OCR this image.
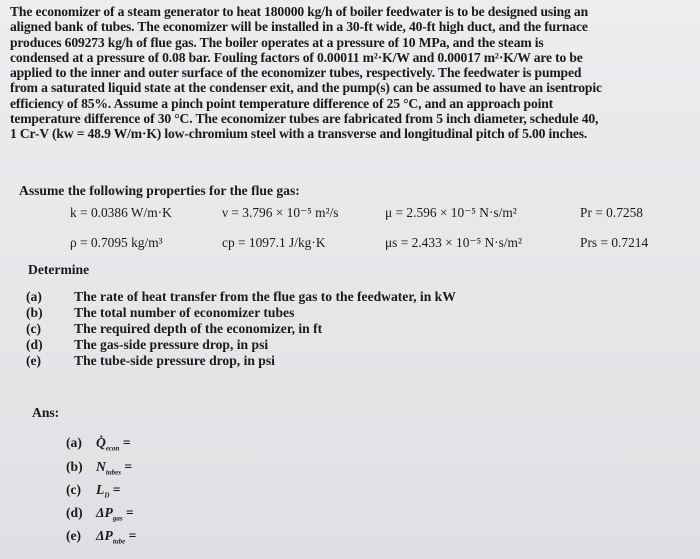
The economizer of a steam generator to heat 180000 kg/h of boiler feedwater is to be designed using an

aligned bank of tubes. The economizer will be installed in a 30-ft wide, 40-ft high duct, and the furnace

produces 609273 kg/h of flue gas. The boiler operates at a pressure of 10 MPa, and the steam is

condensed at a pressure of 0.08 bar. Fouling factors of 0.00011 m²·K/W and 0.00017 m²·K/W are to be

applied to the inner and outer surface of the economizer tubes, respectively. The feedwater is pumped

from a saturated liquid state at the condenser exit, and the pump(s) can be assumed to have an isentropic

efficiency of 85%. Assume a pinch point temperature difference of 25 °C, and an approach point

temperature difference of 30 °C. The economizer tubes are fabricated from 5 inch diameter, schedule 40,

1 Cr-V (kw = 48.9 W/m·K) low-chromium steel with a transverse and longitudinal pitch of 5.00 inches.

Assume the following properties for the flue gas:
k = 0.0386 W/m·K	ν = 3.796 × 10⁻⁵ m²/s	μ = 2.596 × 10⁻⁵ N·s/m²	Pr = 0.7258
ρ = 0.7095 kg/m³	cp = 1097.1 J/kg·K	μs = 2.433 × 10⁻⁵ N·s/m²	Prs = 0.7214
Determine
(a) The rate of heat transfer from the flue gas to the feedwater, in kW
(b) The total number of economizer tubes
(c) The required depth of the economizer, in ft
(d) The gas-side pressure drop, in psi
(e) The tube-side pressure drop, in psi
Ans:
(a) $Q̇_{econ}$ =
(b) $N_{tubes}$ =
(c) $L_D$ =
(d) $\Delta P_{gas}$ =
(e) $\Delta P_{tube}$ =
